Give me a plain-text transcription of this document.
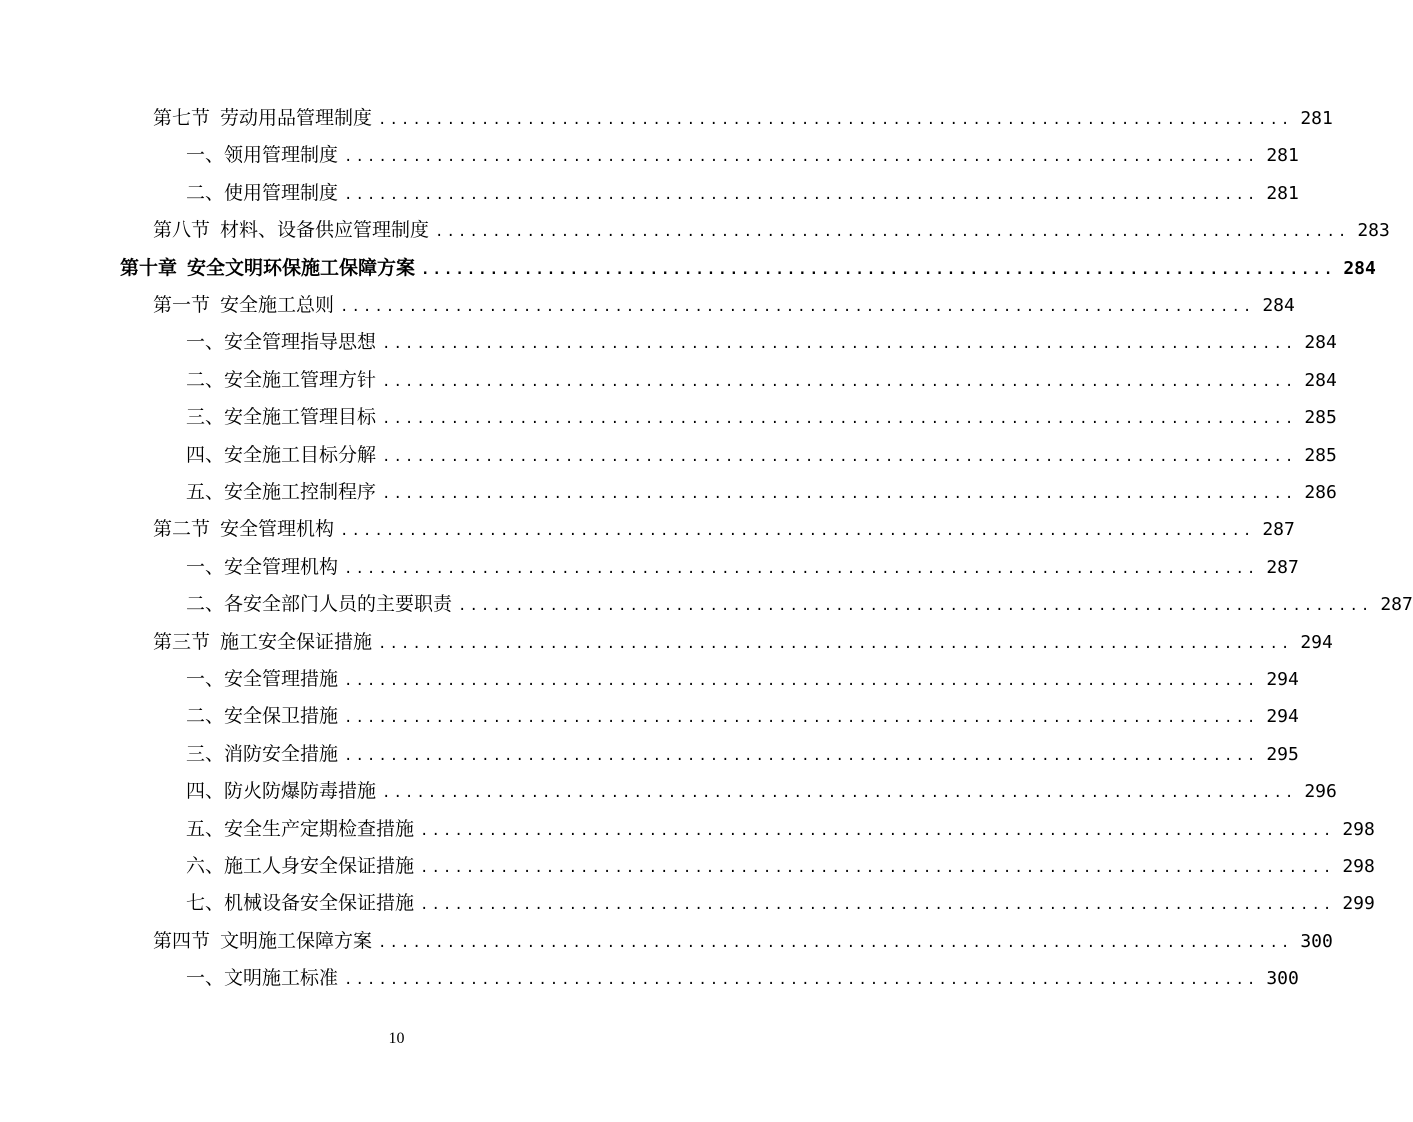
第七节 劳动用品管理制度 ................................................................................ 281
一、 领用管理制度 ................................................................................ 281
二、 使用管理制度 ................................................................................ 281
第八节 材料、设备供应管理制度 ................................................................................ 283
第十章 安全文明环保施工保障方案 ................................................................................ 284
第一节 安全施工总则 ................................................................................ 284
一、 安全管理指导思想 ................................................................................ 284
二、 安全施工管理方针 ................................................................................ 284
三、 安全施工管理目标 ................................................................................ 285
四、 安全施工目标分解 ................................................................................ 285
五、 安全施工控制程序 ................................................................................ 286
第二节 安全管理机构 ................................................................................ 287
一、 安全管理机构 ................................................................................ 287
二、 各安全部门人员的主要职责 ................................................................................ 287
第三节 施工安全保证措施 ................................................................................ 294
一、 安全管理措施 ................................................................................ 294
二、 安全保卫措施 ................................................................................ 294
三、 消防安全措施 ................................................................................ 295
四、 防火防爆防毒措施 ................................................................................ 296
五、 安全生产定期检查措施 ................................................................................ 298
六、 施工人身安全保证措施 ................................................................................ 298
七、 机械设备安全保证措施 ................................................................................ 299
第四节 文明施工保障方案 ................................................................................ 300
一、 文明施工标准 ................................................................................ 300
10
